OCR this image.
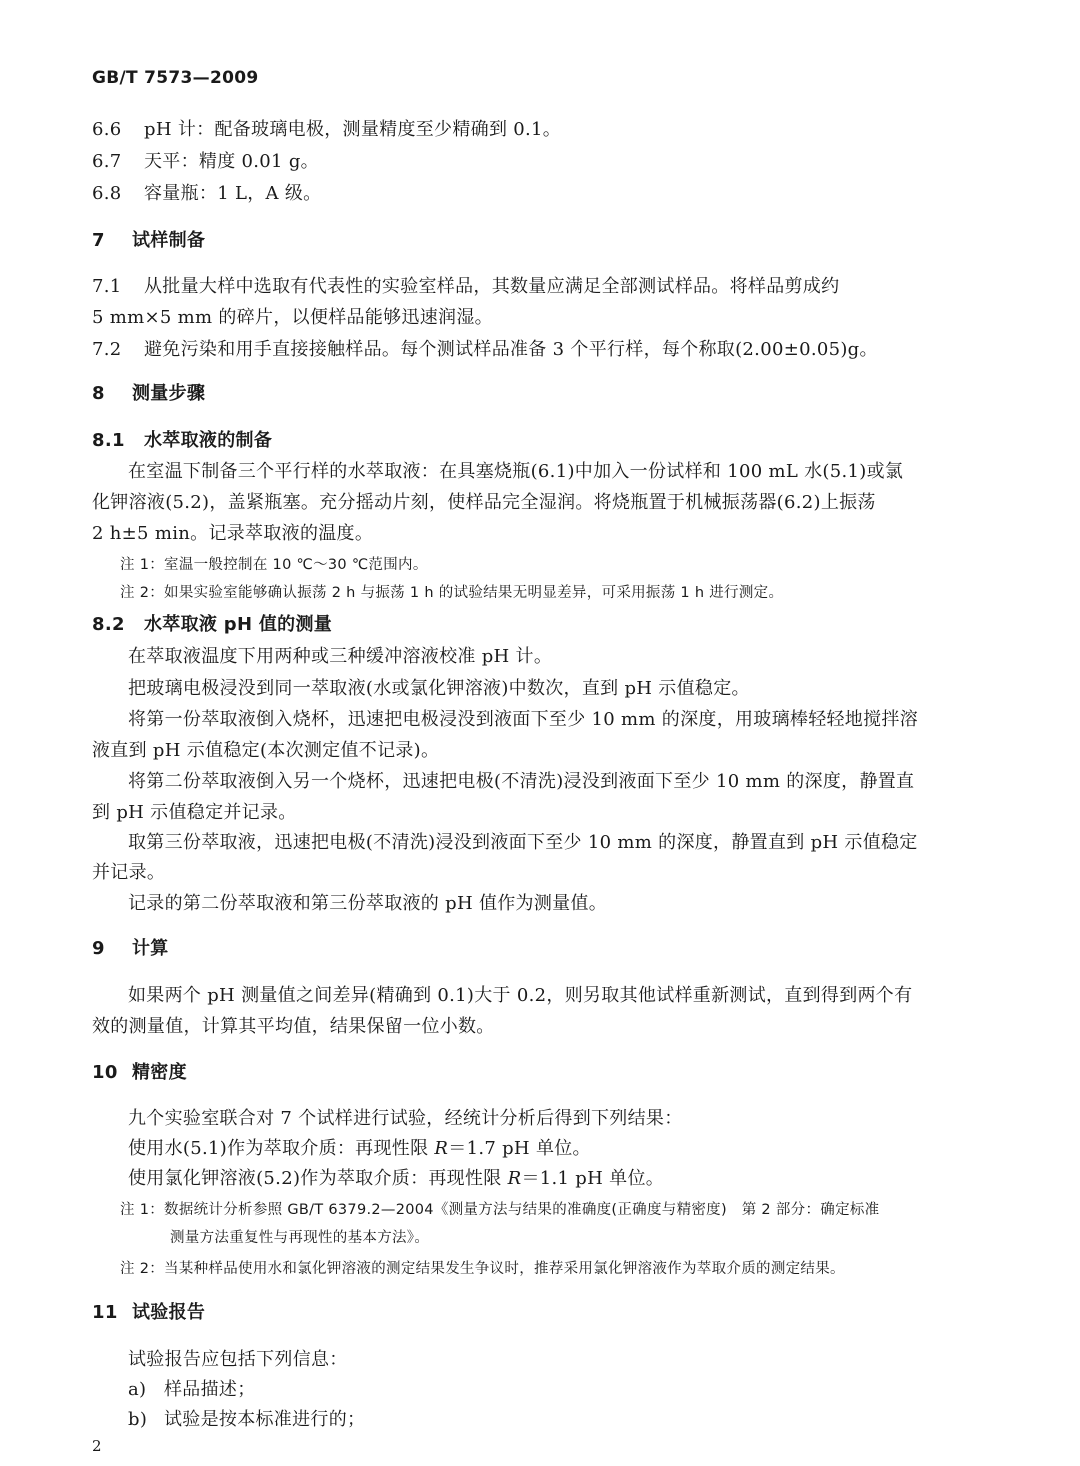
GB/T 7573—2009
6.6 pH 计：配备玻璃电极，测量精度至少精确到 0.1。
6.7 天平：精度 0.01 g。
6.8 容量瓶：1 L，A 级。
7 试样制备
7.1 从批量大样中选取有代表性的实验室样品，其数量应满足全部测试样品。将样品剪成约
5 mm×5 mm 的碎片，以便样品能够迅速润湿。
7.2 避免污染和用手直接接触样品。每个测试样品准备 3 个平行样，每个称取(2.00±0.05)g。
8 测量步骤
8.1 水萃取液的制备
在室温下制备三个平行样的水萃取液：在具塞烧瓶(6.1)中加入一份试样和 100 mL 水(5.1)或氯
化钾溶液(5.2)，盖紧瓶塞。充分摇动片刻，使样品完全湿润。将烧瓶置于机械振荡器(6.2)上振荡
2 h±5 min。记录萃取液的温度。
注 1：室温一般控制在 10 ℃～30 ℃范围内。
注 2：如果实验室能够确认振荡 2 h 与振荡 1 h 的试验结果无明显差异，可采用振荡 1 h 进行测定。
8.2 水萃取液 pH 值的测量
在萃取液温度下用两种或三种缓冲溶液校准 pH 计。
把玻璃电极浸没到同一萃取液(水或氯化钾溶液)中数次，直到 pH 示值稳定。
将第一份萃取液倒入烧杯，迅速把电极浸没到液面下至少 10 mm 的深度，用玻璃棒轻轻地搅拌溶
液直到 pH 示值稳定(本次测定值不记录)。
将第二份萃取液倒入另一个烧杯，迅速把电极(不清洗)浸没到液面下至少 10 mm 的深度，静置直
到 pH 示值稳定并记录。
取第三份萃取液，迅速把电极(不清洗)浸没到液面下至少 10 mm 的深度，静置直到 pH 示值稳定
并记录。
记录的第二份萃取液和第三份萃取液的 pH 值作为测量值。
9 计算
如果两个 pH 测量值之间差异(精确到 0.1)大于 0.2，则另取其他试样重新测试，直到得到两个有
效的测量值，计算其平均值，结果保留一位小数。
10 精密度
九个实验室联合对 7 个试样进行试验，经统计分析后得到下列结果：
使用水(5.1)作为萃取介质：再现性限 R＝1.7 pH 单位。
使用氯化钾溶液(5.2)作为萃取介质：再现性限 R＝1.1 pH 单位。
注 1：数据统计分析参照 GB/T 6379.2—2004《测量方法与结果的准确度(正确度与精密度)　第 2 部分：确定标准
测量方法重复性与再现性的基本方法》。
注 2：当某种样品使用水和氯化钾溶液的测定结果发生争议时，推荐采用氯化钾溶液作为萃取介质的测定结果。
11 试验报告
试验报告应包括下列信息：
a) 样品描述；
b) 试验是按本标准进行的；
2
